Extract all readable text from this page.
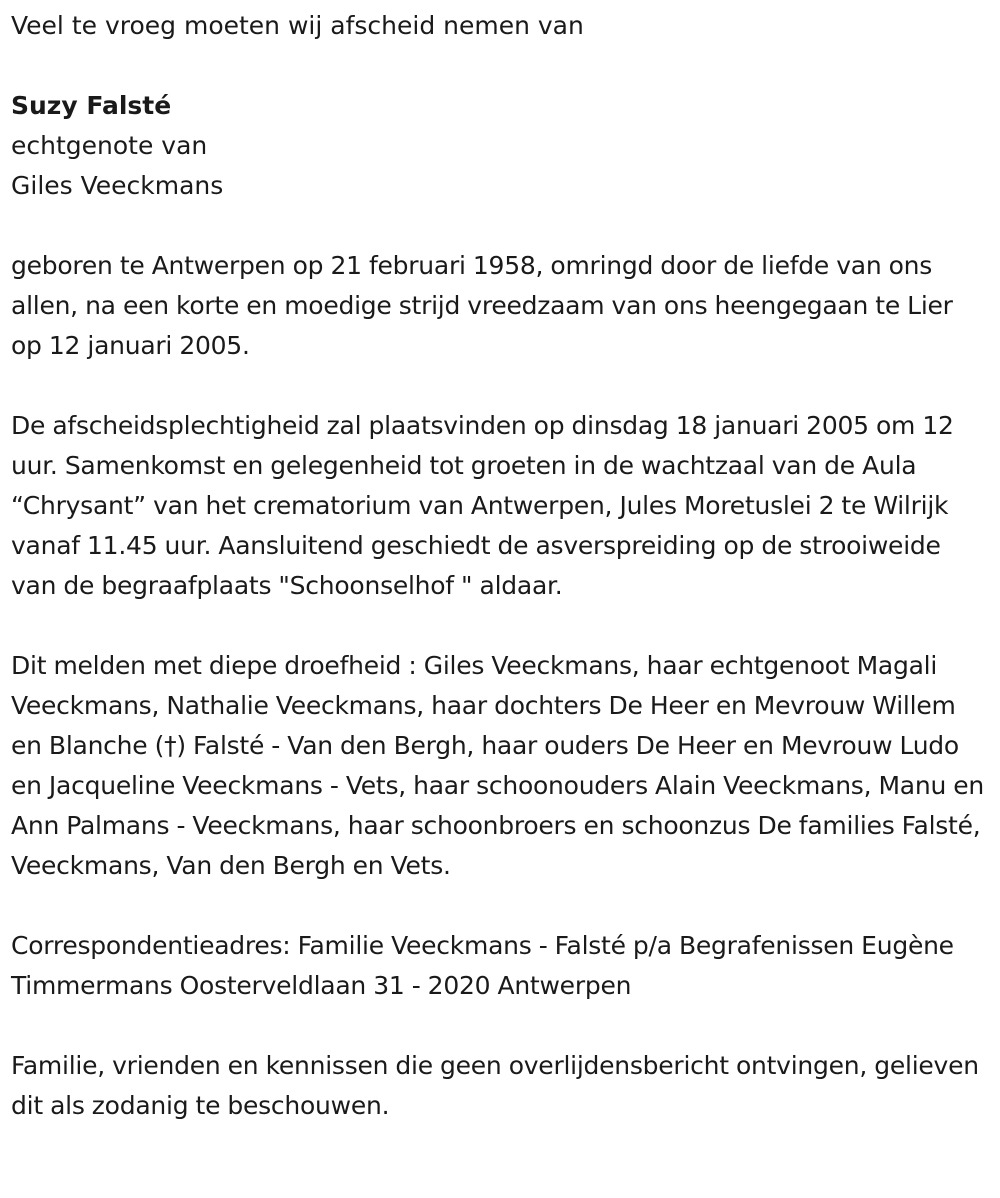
Veel te vroeg moeten wij afscheid nemen van

Suzy Falsté

echtgenote van

Giles Veeckmans

geboren te Antwerpen op 21 februari 1958, omringd door de liefde van ons allen, na een korte en moedige strijd vreedzaam van ons heengegaan te Lier op 12 januari 2005.

De afscheidsplechtigheid zal plaatsvinden op dinsdag 18 januari 2005 om 12 uur. Samenkomst en gelegenheid tot groeten in de wachtzaal van de Aula “Chrysant” van het crematorium van Antwerpen, Jules Moretuslei 2 te Wilrijk vanaf 11.45 uur. Aansluitend geschiedt de asverspreiding op de strooiweide van de begraafplaats "Schoonselhof " aldaar.

Dit melden met diepe droefheid : Giles Veeckmans, haar echtgenoot Magali Veeckmans, Nathalie Veeckmans, haar dochters De Heer en Mevrouw Willem en Blanche (†) Falsté - Van den Bergh, haar ouders De Heer en Mevrouw Ludo en Jacqueline Veeckmans - Vets, haar schoonouders Alain Veeckmans, Manu en Ann Palmans - Veeckmans, haar schoonbroers en schoonzus De families Falsté, Veeckmans, Van den Bergh en Vets.

Correspondentieadres: Familie Veeckmans - Falsté p/a Begrafenissen Eugène Timmermans Oosterveldlaan 31 - 2020 Antwerpen

Familie, vrienden en kennissen die geen overlijdensbericht ontvingen, gelieven dit als zodanig te beschouwen.
